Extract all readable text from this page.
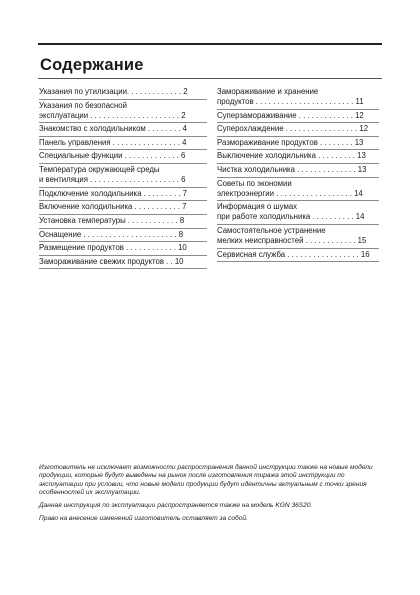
Содержание
Указания по утилизации. . . . . . . . . . . . . 2
Указания по безопасной
эксплуатации . . . . . . . . . . . . . . . . . . . . . 2
Знакомство с холодильником . . . . . . . . 4
Панель управления . . . . . . . . . . . . . . . . 4
Специальные функции . . . . . . . . . . . . . 6
Температура окружающей среды
и вентиляция . . . . . . . . . . . . . . . . . . . . . 6
Подключение холодильника . . . . . . . . . 7
Включение холодильника . . . . . . . . . . . 7
Установка температуры . . . . . . . . . . . . 8
Оснащение . . . . . . . . . . . . . . . . . . . . . . 8
Размещение продуктов . . . . . . . . . . . . 10
Замораживание свежих продуктов . . 10
Замораживание и хранение
продуктов . . . . . . . . . . . . . . . . . . . . . . . 11
Суперзамораживание . . . . . . . . . . . . . 12
Суперохлаждение . . . . . . . . . . . . . . . . . 12
Размораживание продуктов . . . . . . . . 13
Выключение холодильника . . . . . . . . . 13
Чистка холодильника . . . . . . . . . . . . . . 13
Советы по экономии
электроэнергии . . . . . . . . . . . . . . . . . . 14
Информация о шумах
при работе холодильника . . . . . . . . . . 14
Самостоятельное устранение
мелких неисправностей . . . . . . . . . . . . 15
Сервисная служба . . . . . . . . . . . . . . . . . 16

Изготовитель не исключает возможности распространения данной инструкции также на новые модели продукции, которые будут выведены на рынок после изготовления тиража этой инструкции по эксплуатации при условии, что новые модели продукции будут идентичны актуальным с точки зрения особенностей их эксплуатации.

Данная инструкция по эксплуатации распространяется также на модель KGN 36S20.

Право на внесение изменений изготовитель оставляет за собой.
